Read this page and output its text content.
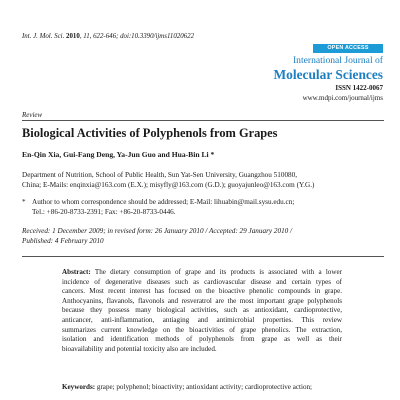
Int. J. Mol. Sci. 2010, 11, 622-646; doi:10.3390/ijms11020622
OPEN ACCESS
International Journal of
Molecular Sciences
ISSN 1422-0067
www.mdpi.com/journal/ijms
Review
Biological Activities of Polyphenols from Grapes
En-Qin Xia, Gui-Fang Deng, Ya-Jun Guo and Hua-Bin Li *
Department of Nutrition, School of Public Health, Sun Yat-Sen University, Guangzhou 510080,
China; E-Mails: enqinxia@163.com (E.X.); misyfly@163.com (G.D.); guoyajunleo@163.com (Y.G.)
* Author to whom correspondence should be addressed; E-Mail: lihuabin@mail.sysu.edu.cn;
Tel.: +86-20-8733-2391; Fax: +86-20-8733-0446.
Received: 1 December 2009; in revised form: 26 January 2010 / Accepted: 29 January 2010 /
Published: 4 February 2010
Abstract: The dietary consumption of grape and its products is associated with a lower
incidence of degenerative diseases such as cardiovascular disease and certain types of
cancers. Most recent interest has focused on the bioactive phenolic compounds in grape.
Anthocyanins, flavanols, flavonols and resveratrol are the most important grape polyphenols
because they possess many biological activities, such as antioxidant, cardioprotective,
anticancer, anti-inflammation, antiaging and antimicrobial properties. This review
summarizes current knowledge on the bioactivities of grape phenolics. The extraction,
isolation and identification methods of polyphenols from grape as well as their
bioavailability and potential toxicity also are included.
Keywords: grape; polyphenol; bioactivity; antioxidant activity; cardioprotective action;
